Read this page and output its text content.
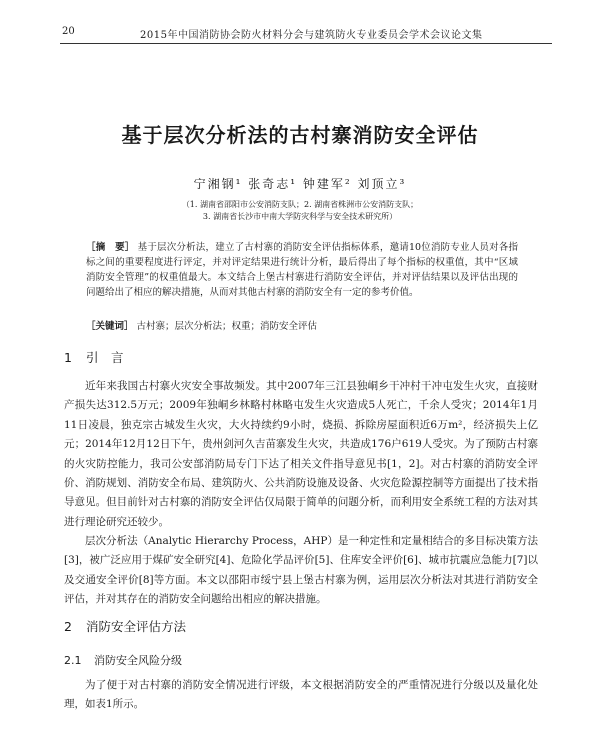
20	2015年中国消防协会防火材料分会与建筑防火专业委员会学术会议论文集
基于层次分析法的古村寨消防安全评估
宁湘钢¹ 张奇志¹ 钟建军² 刘顶立³
（1. 湖南省邵阳市公安消防支队；2. 湖南省株洲市公安消防支队；
3. 湖南省长沙市中南大学防灾科学与安全技术研究所）
［摘　要］ 基于层次分析法，建立了古村寨的消防安全评估指标体系，邀请10位消防专业人员对各指标之间的重要程度进行评定，并对评定结果进行统计分析，最后得出了每个指标的权重值，其中“区域消防安全管理”的权重值最大。本文结合上堡古村寨进行消防安全评估，并对评估结果以及评估出现的问题给出了相应的解决措施，从而对其他古村寨的消防安全有一定的参考价值。
［关键词］ 古村寨；层次分析法；权重；消防安全评估
1 引　言
近年来我国古村寨火灾安全事故频发。其中2007年三江县独峒乡干冲村干冲屯发生火灾，直接财产损失达312.5万元；2009年独峒乡林略村林略屯发生火灾造成5人死亡，千余人受灾；2014年1月11日凌晨，独克宗古城发生火灾，大火持续约9小时，烧损、拆除房屋面积近6万m²，经济损失上亿元；2014年12月12日下午，贵州剑河久吉苗寨发生火灾，共造成176户619人受灾。为了预防古村寨的火灾防控能力，我司公安部消防局专门下达了相关文件指导意见书[1，2]。对古村寨的消防安全评价、消防规划、消防安全布局、建筑防火、公共消防设施及设备、火灾危险源控制等方面提出了技术指导意见。但目前针对古村寨的消防安全评估仅局限于简单的问题分析，而利用安全系统工程的方法对其进行理论研究还较少。
层次分析法（Analytic Hierarchy Process，AHP）是一种定性和定量相结合的多目标决策方法[3]，被广泛应用于煤矿安全研究[4]、危险化学品评价[5]、住库安全评价[6]、城市抗震应急能力[7]以及交通安全评价[8]等方面。本文以邵阳市绥宁县上堡古村寨为例，运用层次分析法对其进行消防安全评估，并对其存在的消防安全问题给出相应的解决措施。
2 消防安全评估方法
2.1 消防安全风险分级
为了便于对古村寨的消防安全情况进行评级，本文根据消防安全的严重情况进行分级以及量化处理，如表1所示。
